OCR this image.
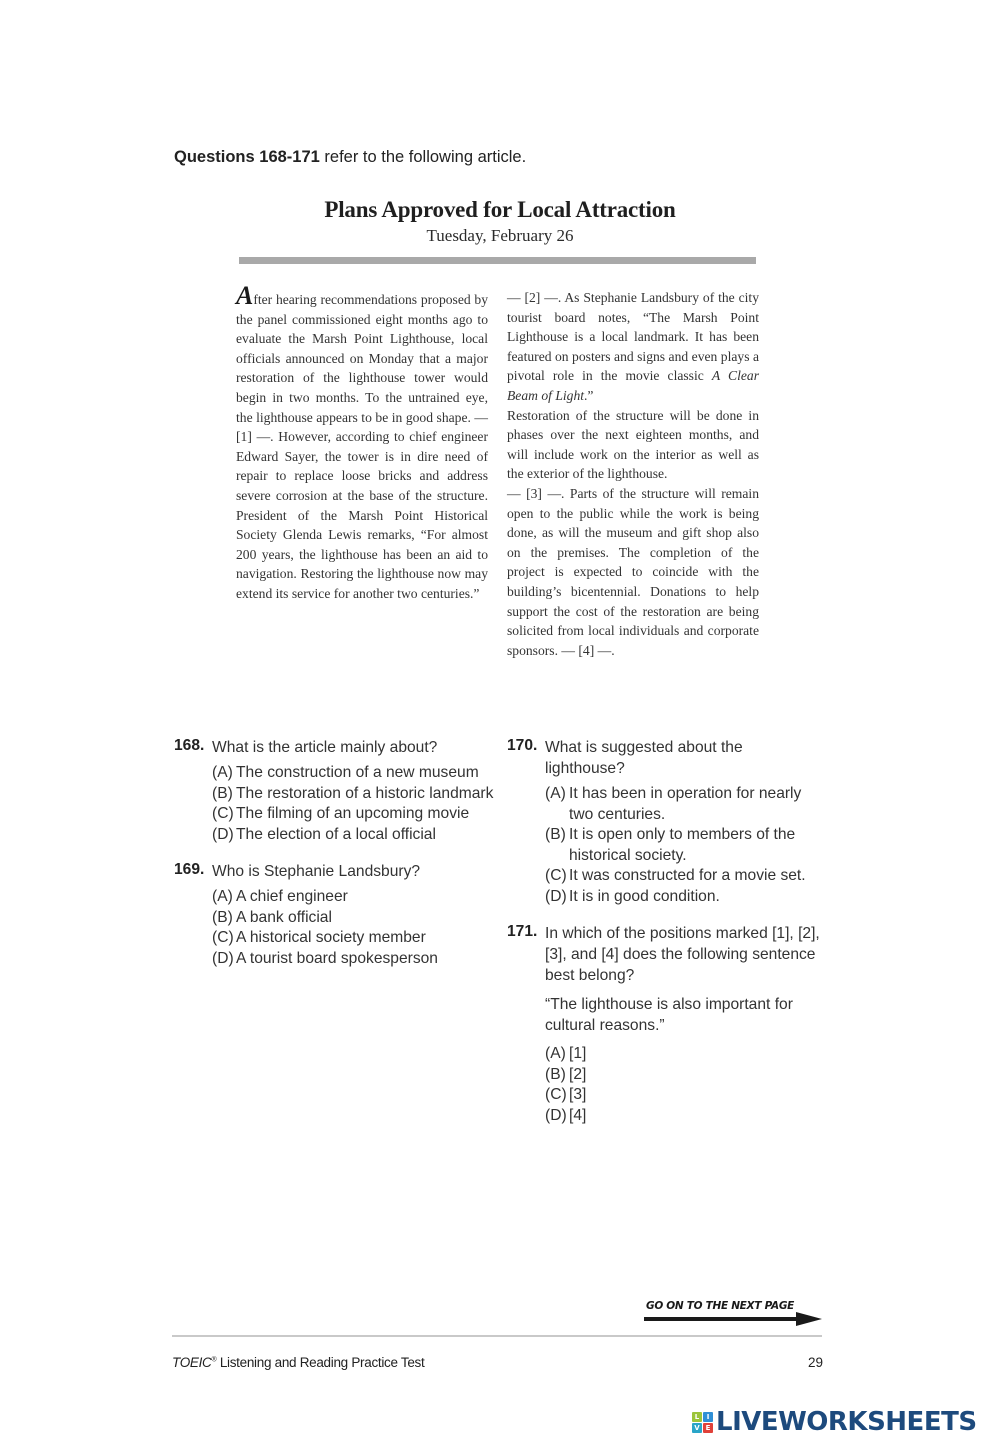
Questions 168-171 refer to the following article.
Plans Approved for Local Attraction
Tuesday, February 26

After hearing recommendations proposed by the panel commissioned eight months ago to evaluate the Marsh Point Lighthouse, local officials announced on Monday that a major restoration of the lighthouse tower would begin in two months. To the untrained eye, the lighthouse appears to be in good shape. — [1] —. However, according to chief engineer Edward Sayer, the tower is in dire need of repair to replace loose bricks and address severe corrosion at the base of the structure. President of the Marsh Point Historical Society Glenda Lewis remarks, “For almost 200 years, the lighthouse has been an aid to navigation. Restoring the lighthouse now may extend its service for another two centuries.”

— [2] —. As Stephanie Landsbury of the city tourist board notes, “The Marsh Point Lighthouse is a local landmark. It has been featured on posters and signs and even plays a pivotal role in the movie classic A Clear Beam of Light.”

Restoration of the structure will be done in phases over the next eighteen months, and will include work on the interior as well as the exterior of the lighthouse.

— [3] —. Parts of the structure will remain open to the public while the work is being done, as will the museum and gift shop also on the premises. The completion of the project is expected to coincide with the building’s bicentennial. Donations to help support the cost of the restoration are being solicited from local individuals and corporate sponsors. — [4] —.

168. What is the article mainly about?
(A) The construction of a new museum
(B) The restoration of a historic landmark
(C) The filming of an upcoming movie
(D) The election of a local official
169. Who is Stephanie Landsbury?
(A) A chief engineer
(B) A bank official
(C) A historical society member
(D) A tourist board spokesperson
170. What is suggested about the lighthouse?
(A) It has been in operation for nearly two centuries.
(B) It is open only to members of the historical society.
(C) It was constructed for a movie set.
(D) It is in good condition.
171. In which of the positions marked [1], [2], [3], and [4] does the following sentence best belong?
“The lighthouse is also important for cultural reasons.”
(A) [1]
(B) [2]
(C) [3]
(D) [4]
GO ON TO THE NEXT PAGE
TOEIC® Listening and Reading Practice Test	29
L	I
V E LIVEWORKSHEETS
